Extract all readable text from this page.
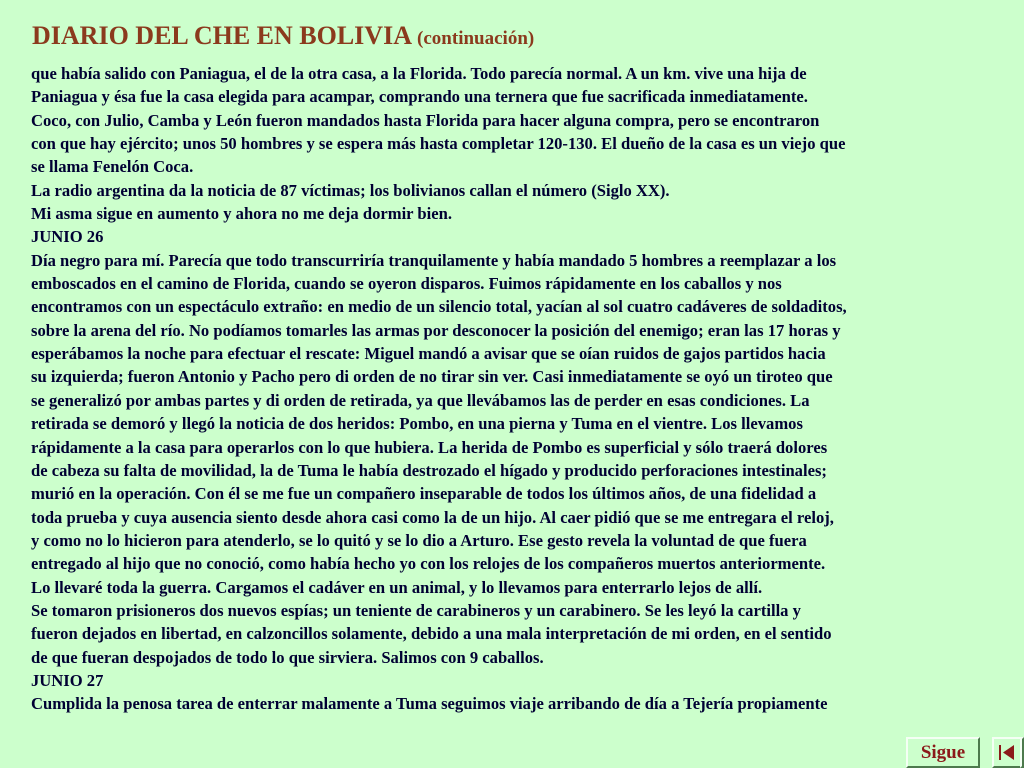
DIARIO DEL CHE EN BOLIVIA (continuación)
que había salido con Paniagua, el de la otra casa, a la Florida. Todo parecía normal. A un km. vive una hija de
Paniagua y ésa fue la casa elegida para acampar, comprando una ternera que fue sacrificada inmediatamente.
Coco, con Julio, Camba y León fueron mandados hasta Florida para hacer alguna compra, pero se encontraron
con que hay ejército; unos 50 hombres y se espera más hasta completar 120-130. El dueño de la casa es un viejo que
se llama Fenelón Coca.
La radio argentina da la noticia de 87 víctimas; los bolivianos callan el número (Siglo XX).
Mi asma sigue en aumento y ahora no me deja dormir bien.
JUNIO 26
Día negro para mí. Parecía que todo transcurriría tranquilamente y había mandado 5 hombres a reemplazar a los
emboscados en el camino de Florida, cuando se oyeron disparos. Fuimos rápidamente en los caballos y nos
encontramos con un espectáculo extraño: en medio de un silencio total, yacían al sol cuatro cadáveres de soldaditos,
sobre la arena del río. No podíamos tomarles las armas por desconocer la posición del enemigo; eran las 17 horas y
esperábamos la noche para efectuar el rescate: Miguel mandó a avisar que se oían ruidos de gajos partidos hacia
su izquierda; fueron Antonio y Pacho pero di orden de no tirar sin ver. Casi inmediatamente se oyó un tiroteo que
se generalizó por ambas partes y di orden de retirada, ya que llevábamos las de perder en esas condiciones. La
retirada se demoró y llegó la noticia de dos heridos: Pombo, en una pierna y Tuma en el vientre. Los llevamos
rápidamente a la casa para operarlos con lo que hubiera. La herida de Pombo es superficial y sólo traerá dolores
de cabeza su falta de movilidad, la de Tuma le había destrozado el hígado y producido perforaciones intestinales;
murió en la operación. Con él se me fue un compañero inseparable de todos los últimos años, de una fidelidad a
toda prueba y cuya ausencia siento desde ahora casi como la de un hijo. Al caer pidió que se me entregara el reloj,
y como no lo hicieron para atenderlo, se lo quitó y se lo dio a Arturo. Ese gesto revela la voluntad de que fuera
entregado al hijo que no conoció, como había hecho yo con los relojes de los compañeros muertos anteriormente.
Lo llevaré toda la guerra. Cargamos el cadáver en un animal, y lo llevamos para enterrarlo lejos de allí.
Se tomaron prisioneros dos nuevos espías; un teniente de carabineros y un carabinero. Se les leyó la cartilla y
fueron dejados en libertad, en calzoncillos solamente, debido a una mala interpretación de mi orden, en el sentido
de que fueran despojados de todo lo que sirviera. Salimos con 9 caballos.
JUNIO 27
Cumplida la penosa tarea de enterrar malamente a Tuma seguimos viaje arribando de día a Tejería propiamente
Sigue
